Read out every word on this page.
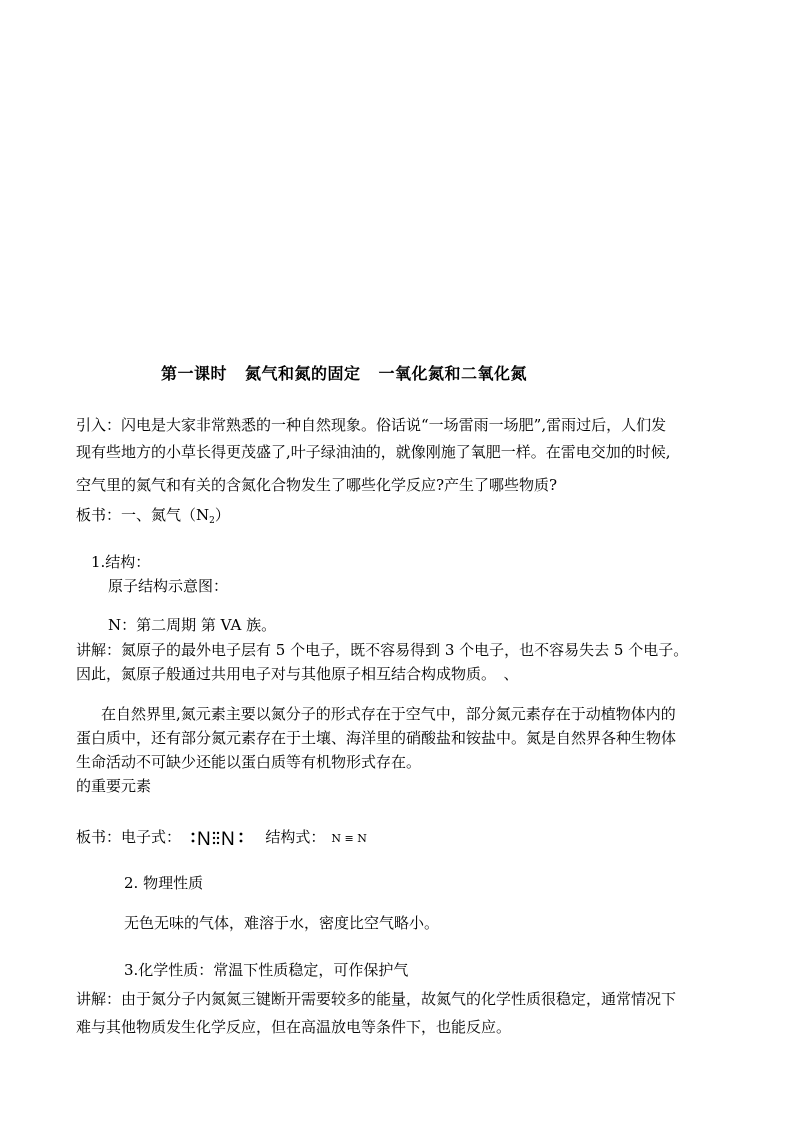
第一课时 氮气和氮的固定 一氧化氮和二氧化氮
引入：闪电是大家非常熟悉的一种自然现象。俗话说“一场雷雨一场肥”,雷雨过后，人们发
现有些地方的小草长得更茂盛了,叶子绿油油的，就像刚施了氧肥一样。在雷电交加的时候,
空气里的氮气和有关的含氮化合物发生了哪些化学反应?产生了哪些物质?
板书：一、氮气$(N_2)$
1.结构：
原子结构示意图：
N：第二周期 第 VA 族。
讲解：氮原子的最外电子层有 5 个电子，既不容易得到 3 个电子，也不容易失去 5 个电子。
因此，氮原子般通过共用电子对与其他原子相互结合构成物质。　、
在自然界里,氮元素主要以氮分子的形式存在于空气中，部分氮元素存在于动植物体内的
蛋白质中，还有部分氮元素存在于土壤、海洋里的硝酸盐和铵盐中。氮是自然界各种生物体
生命活动不可缺少还能以蛋白质等有机物形式存在。
的重要元素
板书：电子式： N N 结构式： N ≡ N
2. 物理性质
无色无味的气体，难溶于水，密度比空气略小。
3.化学性质：常温下性质稳定，可作保护气
讲解：由于氮分子内氮氮三键断开需要较多的能量，故氮气的化学性质很稳定，通常情况下
难与其他物质发生化学反应，但在高温放电等条件下，也能反应。
